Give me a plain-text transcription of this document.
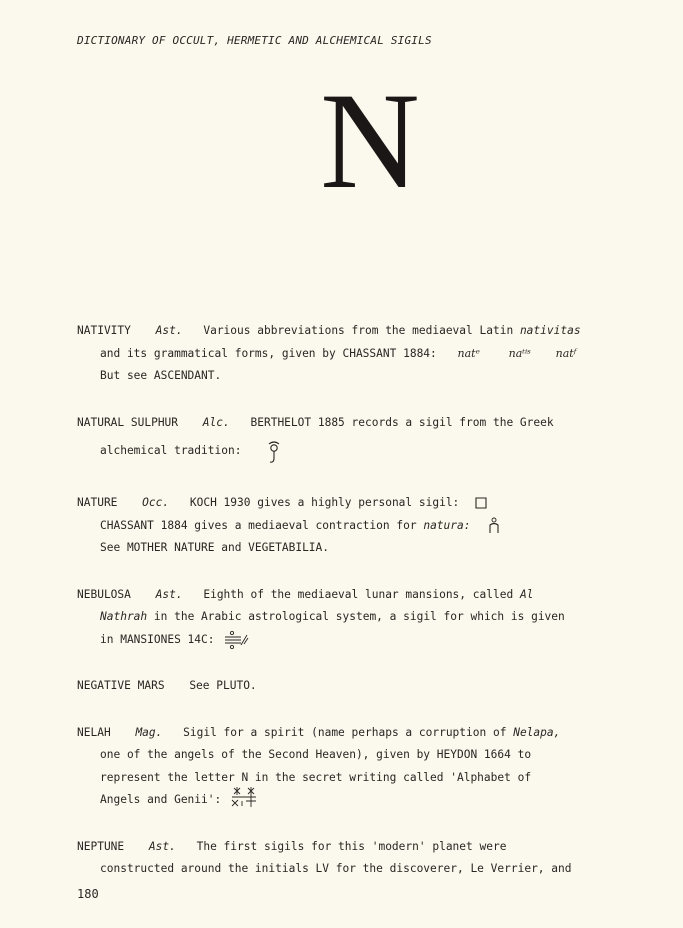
DICTIONARY OF OCCULT, HERMETIC AND ALCHEMICAL SIGILS
N
NATIVITY Ast. Various abbreviations from the mediaeval Latin nativitas
and its grammatical forms, given by CHASSANT 1884: natᵉ	naᵗⁱˢ natᶠ
But see ASCENDANT.
NATURAL SULPHUR Alc. BERTHELOT 1885 records a sigil from the Greek
alchemical tradition:
NATURE Occ. KOCH 1930 gives a highly personal sigil:
CHASSANT 1884 gives a mediaeval contraction for natura:
See MOTHER NATURE and VEGETABILIA.
NEBULOSA Ast. Eighth of the mediaeval lunar mansions, called Al
Nathrah in the Arabic astrological system, a sigil for which is given
in MANSIONES 14C:
NEGATIVE MARS See PLUTO.
NELAH Mag. Sigil for a spirit (name perhaps a corruption of Nelapa,
one of the angels of the Second Heaven), given by HEYDON 1664 to
represent the letter N in the secret writing called 'Alphabet of
Angels and Genii':
NEPTUNE Ast. The first sigils for this 'modern' planet were
constructed around the initials LV for the discoverer, Le Verrier, and
180
